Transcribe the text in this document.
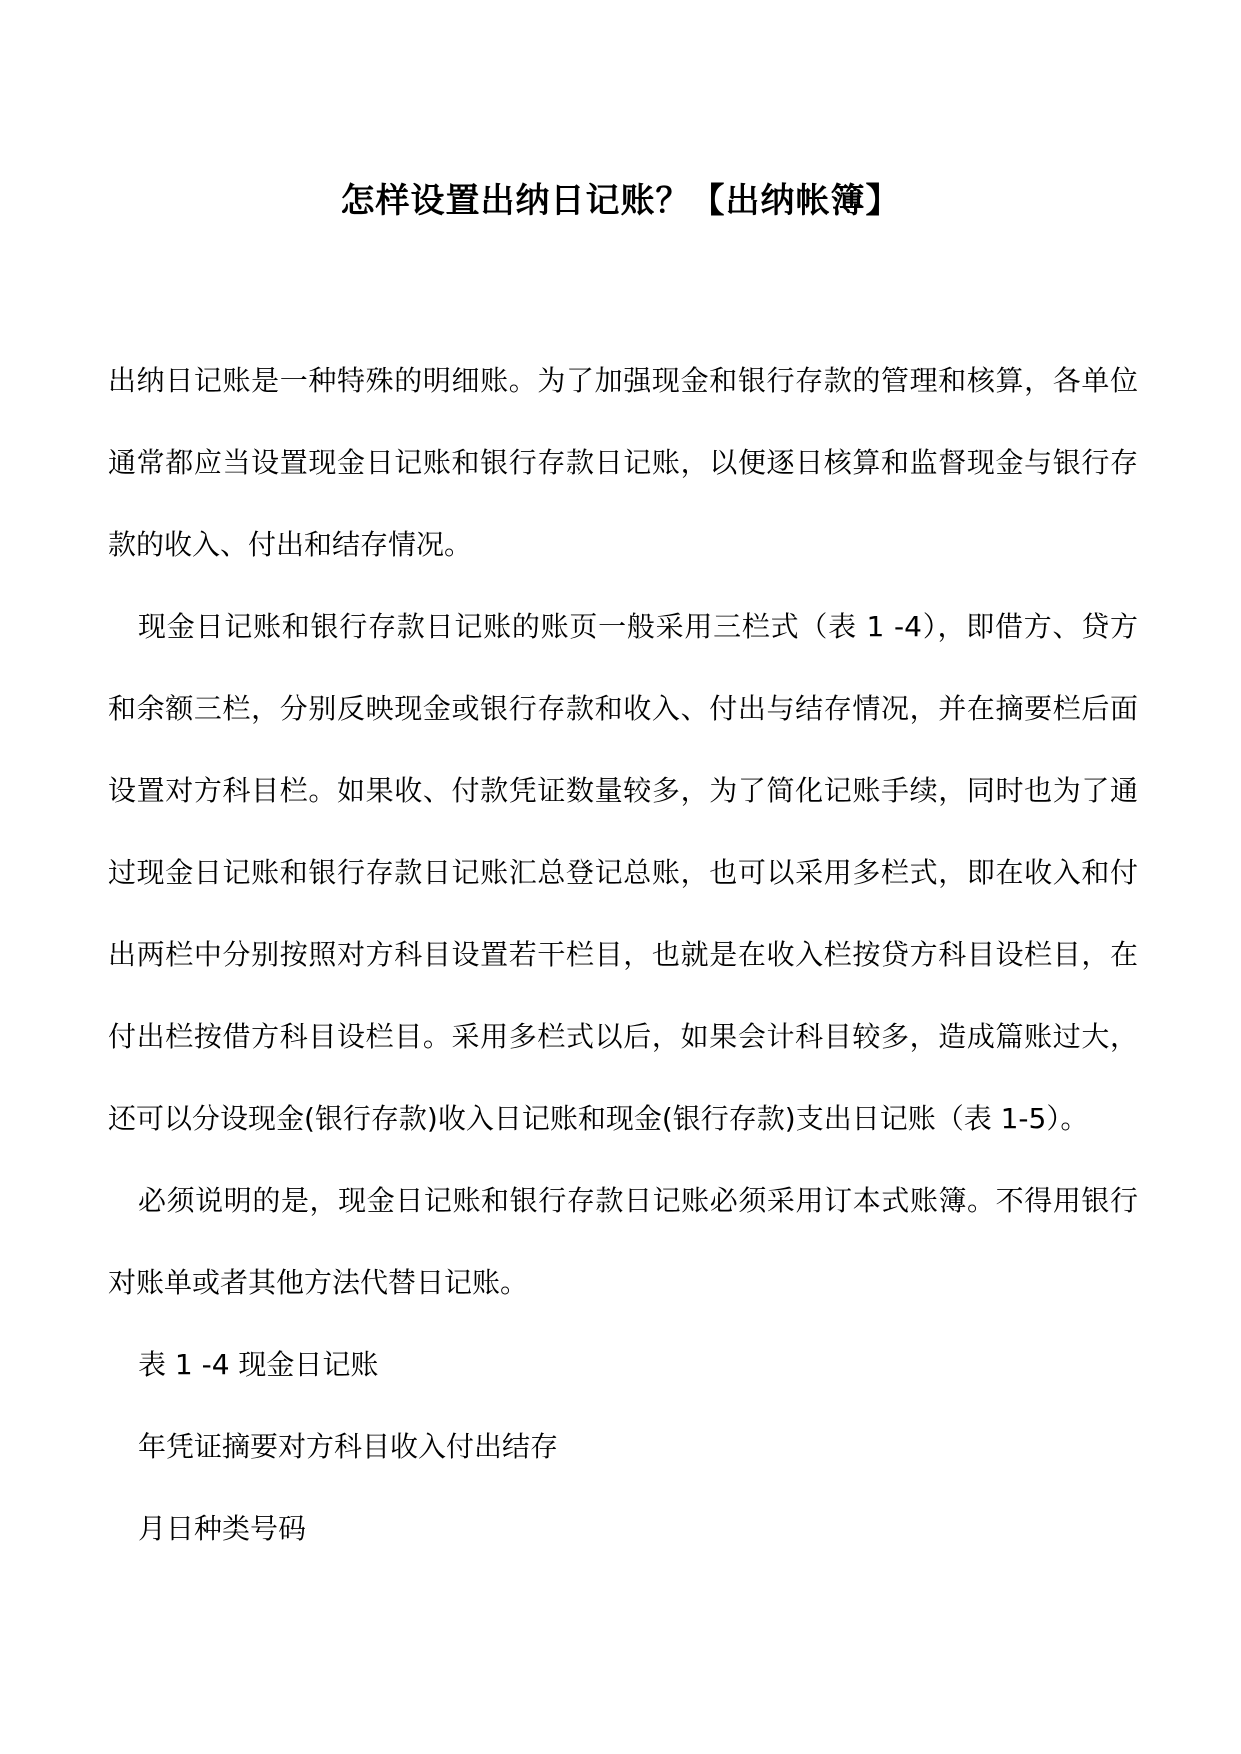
怎样设置出纳日记账？【出纳帐簿】

出纳日记账是一种特殊的明细账。为了加强现金和银行存款的管理和核算，各单位通常都应当设置现金日记账和银行存款日记账，以便逐日核算和监督现金与银行存款的收入、付出和结存情况。

现金日记账和银行存款日记账的账页一般采用三栏式（表 1 -4），即借方、贷方和余额三栏，分别反映现金或银行存款和收入、付出与结存情况，并在摘要栏后面设置对方科目栏。如果收、付款凭证数量较多，为了简化记账手续，同时也为了通过现金日记账和银行存款日记账汇总登记总账，也可以采用多栏式，即在收入和付出两栏中分别按照对方科目设置若干栏目，也就是在收入栏按贷方科目设栏目，在付出栏按借方科目设栏目。采用多栏式以后，如果会计科目较多，造成篇账过大，还可以分设现金(银行存款)收入日记账和现金(银行存款)支出日记账（表 1-5）。

必须说明的是，现金日记账和银行存款日记账必须采用订本式账簿。不得用银行对账单或者其他方法代替日记账。

表 1 -4 现金日记账

年凭证摘要对方科目收入付出结存

月日种类号码
